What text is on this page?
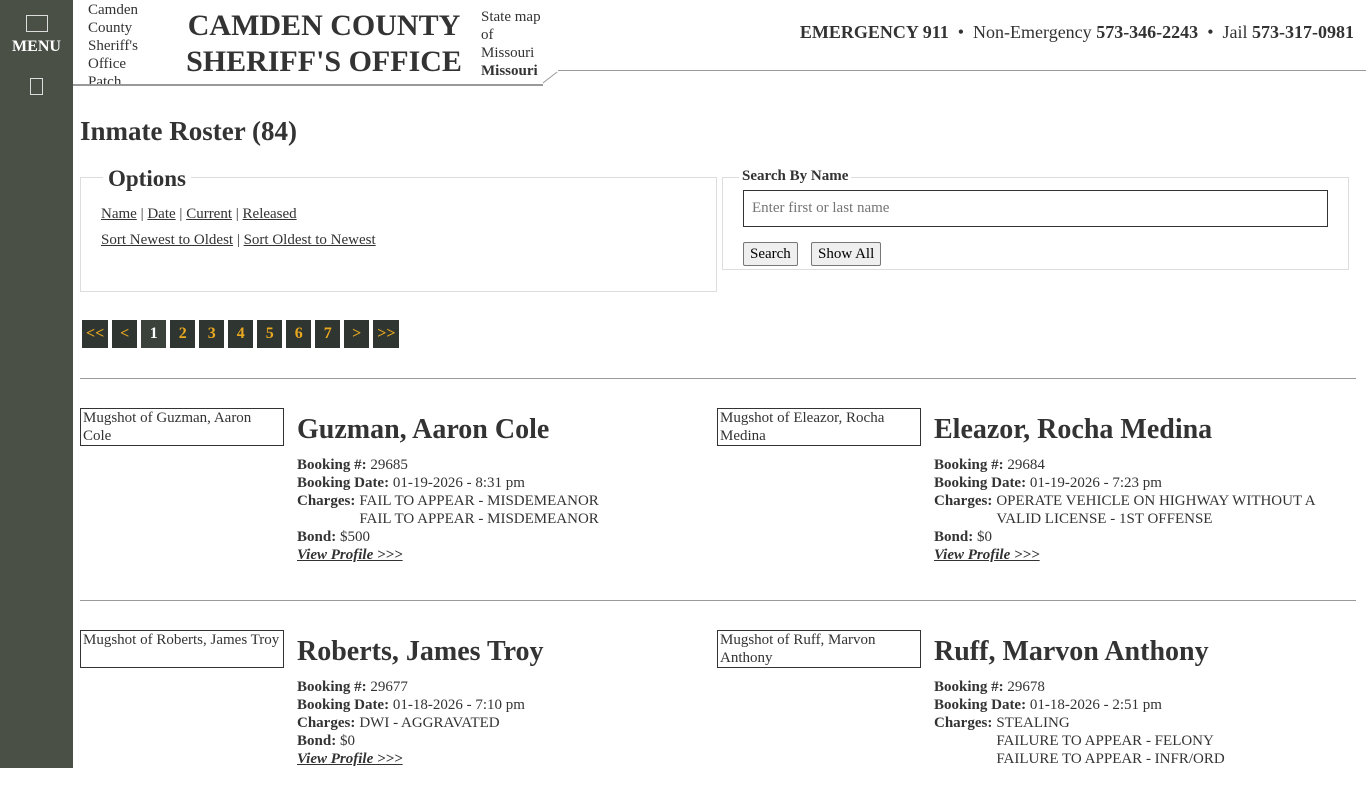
MENU
Camden County Sheriff's Office Patch
CAMDEN COUNTY
SHERIFF'S OFFICE
State map of Missouri
Missouri
EMERGENCY 911 • Non-Emergency 573-346-2243 • Jail 573-317-0981
Inmate Roster (84)
Options
Name | Date | Current | Released
Sort Newest to Oldest | Sort Oldest to Newest
Search By Name
Enter first or last name
Search	Show All
<< <	1	2	3	4	5	6	7	> >>
Mugshot of Guzman, Aaron Cole	Guzman, Aaron Cole
Booking #: 29685
Booking Date: 01-19-2026 - 8:31 pm
Charges: FAIL TO APPEAR - MISDEMEANOR
FAIL TO APPEAR - MISDEMEANOR
Bond: $500
View Profile >>>
Mugshot of Eleazor, Rocha Medina	Eleazor, Rocha Medina
Booking #: 29684
Booking Date: 01-19-2026 - 7:23 pm
Charges: OPERATE VEHICLE ON HIGHWAY WITHOUT A
VALID LICENSE - 1ST OFFENSE
Bond: $0
View Profile >>>
Mugshot of Roberts, James Troy Roberts, James Troy
Booking #: 29677
Booking Date: 01-18-2026 - 7:10 pm
Charges: DWI - AGGRAVATED
Bond: $0
View Profile >>>
Mugshot of Ruff, Marvon Anthony	Ruff, Marvon Anthony
Booking #: 29678
Booking Date: 01-18-2026 - 2:51 pm
Charges: STEALING
FAILURE TO APPEAR - FELONY
FAILURE TO APPEAR - INFR/ORD
